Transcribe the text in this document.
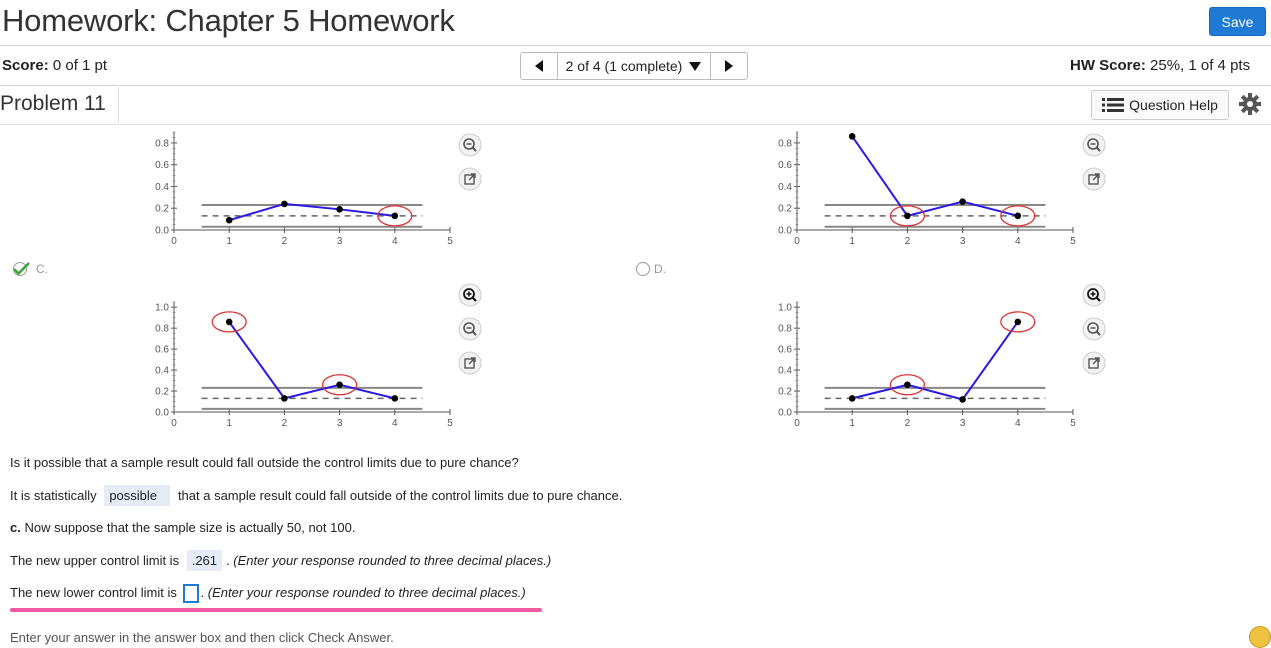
Homework: Chapter 5 Homework	Save
Score: 0 of 1 pt	2 of 4 (1 complete)	HW Score: 25%, 1 of 4 pts
Problem 11	Question Help
0.0
0.2
0.4
0.6
0.8
0	1	2	3	4	5
0.0
0.2
0.4
0.6
0.8
0	1	2	3	4	5
0.0
0.2
0.4
0.6
0.8
1.0
0	1	2	3	4	5
0.0
0.2
0.4
0.6
0.8
1.0
0	1	2	3	4	5
C.	D.
Is it possible that a sample result could fall outside the control limits due to pure chance?
It is statistically possible that a sample result could fall outside of the control limits due to pure chance.
c. Now suppose that the sample size is actually 50, not 100.
The new upper control limit is .261 . (Enter your response rounded to three decimal places.)
The new lower control limit is . (Enter your response rounded to three decimal places.)
Enter your answer in the answer box and then click Check Answer.
